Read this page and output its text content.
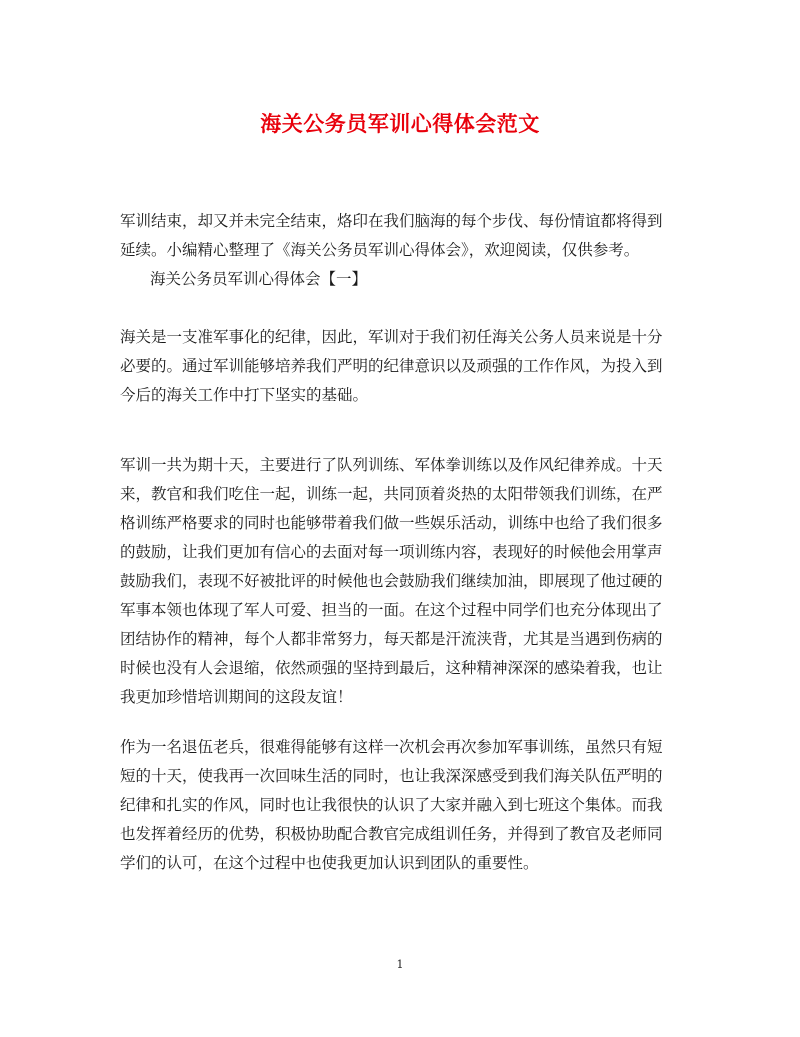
海关公务员军训心得体会范文
军训结束，却又并未完全结束，烙印在我们脑海的每个步伐、每份情谊都将得到
延续。小编精心整理了《海关公务员军训心得体会》，欢迎阅读，仅供参考。
海关公务员军训心得体会【一】
海关是一支准军事化的纪律，因此，军训对于我们初任海关公务人员来说是十分
必要的。通过军训能够培养我们严明的纪律意识以及顽强的工作作风，为投入到
今后的海关工作中打下坚实的基础。
军训一共为期十天，主要进行了队列训练、军体拳训练以及作风纪律养成。十天
来，教官和我们吃住一起，训练一起，共同顶着炎热的太阳带领我们训练，在严
格训练严格要求的同时也能够带着我们做一些娱乐活动，训练中也给了我们很多
的鼓励，让我们更加有信心的去面对每一项训练内容，表现好的时候他会用掌声
鼓励我们，表现不好被批评的时候他也会鼓励我们继续加油，即展现了他过硬的
军事本领也体现了军人可爱、担当的一面。在这个过程中同学们也充分体现出了
团结协作的精神，每个人都非常努力，每天都是汗流浃背，尤其是当遇到伤病的
时候也没有人会退缩，依然顽强的坚持到最后，这种精神深深的感染着我，也让
我更加珍惜培训期间的这段友谊！
作为一名退伍老兵，很难得能够有这样一次机会再次参加军事训练，虽然只有短
短的十天，使我再一次回味生活的同时，也让我深深感受到我们海关队伍严明的
纪律和扎实的作风，同时也让我很快的认识了大家并融入到七班这个集体。而我
也发挥着经历的优势，积极协助配合教官完成组训任务，并得到了教官及老师同
学们的认可，在这个过程中也使我更加认识到团队的重要性。
1
